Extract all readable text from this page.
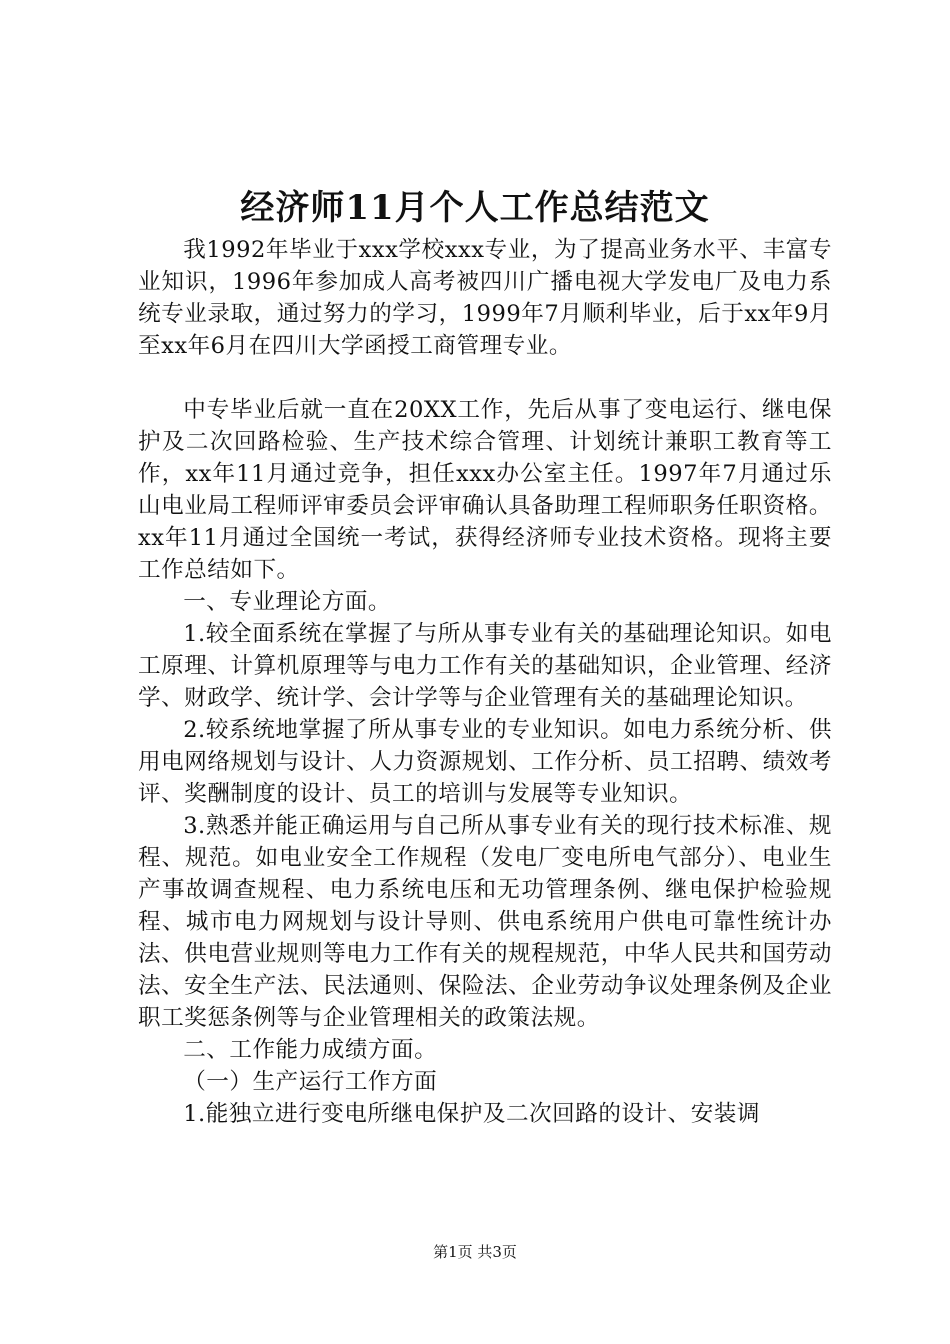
经济师11月个人工作总结范文

我1992年毕业于xxx学校xxx专业，为了提高业务水平、丰富专业知识，1996年参加成人高考被四川广播电视大学发电厂及电力系统专业录取，通过努力的学习，1999年7月顺利毕业，后于xx年9月至xx年6月在四川大学函授工商管理专业。

中专毕业后就一直在20XX工作，先后从事了变电运行、继电保护及二次回路检验、生产技术综合管理、计划统计兼职工教育等工作，xx年11月通过竞争，担任xxx办公室主任。1997年7月通过乐山电业局工程师评审委员会评审确认具备助理工程师职务任职资格。xx年11月通过全国统一考试，获得经济师专业技术资格。现将主要工作总结如下。

一、专业理论方面。

1.较全面系统在掌握了与所从事专业有关的基础理论知识。如电工原理、计算机原理等与电力工作有关的基础知识，企业管理、经济学、财政学、统计学、会计学等与企业管理有关的基础理论知识。

2.较系统地掌握了所从事专业的专业知识。如电力系统分析、供用电网络规划与设计、人力资源规划、工作分析、员工招聘、绩效考评、奖酬制度的设计、员工的培训与发展等专业知识。

3.熟悉并能正确运用与自己所从事专业有关的现行技术标准、规程、规范。如电业安全工作规程（发电厂变电所电气部分）、电业生产事故调查规程、电力系统电压和无功管理条例、继电保护检验规程、城市电力网规划与设计导则、供电系统用户供电可靠性统计办法、供电营业规则等电力工作有关的规程规范，中华人民共和国劳动法、安全生产法、民法通则、保险法、企业劳动争议处理条例及企业职工奖惩条例等与企业管理相关的政策法规。

二、工作能力成绩方面。

（一）生产运行工作方面

1.能独立进行变电所继电保护及二次回路的设计、安装调

第1页 共3页
